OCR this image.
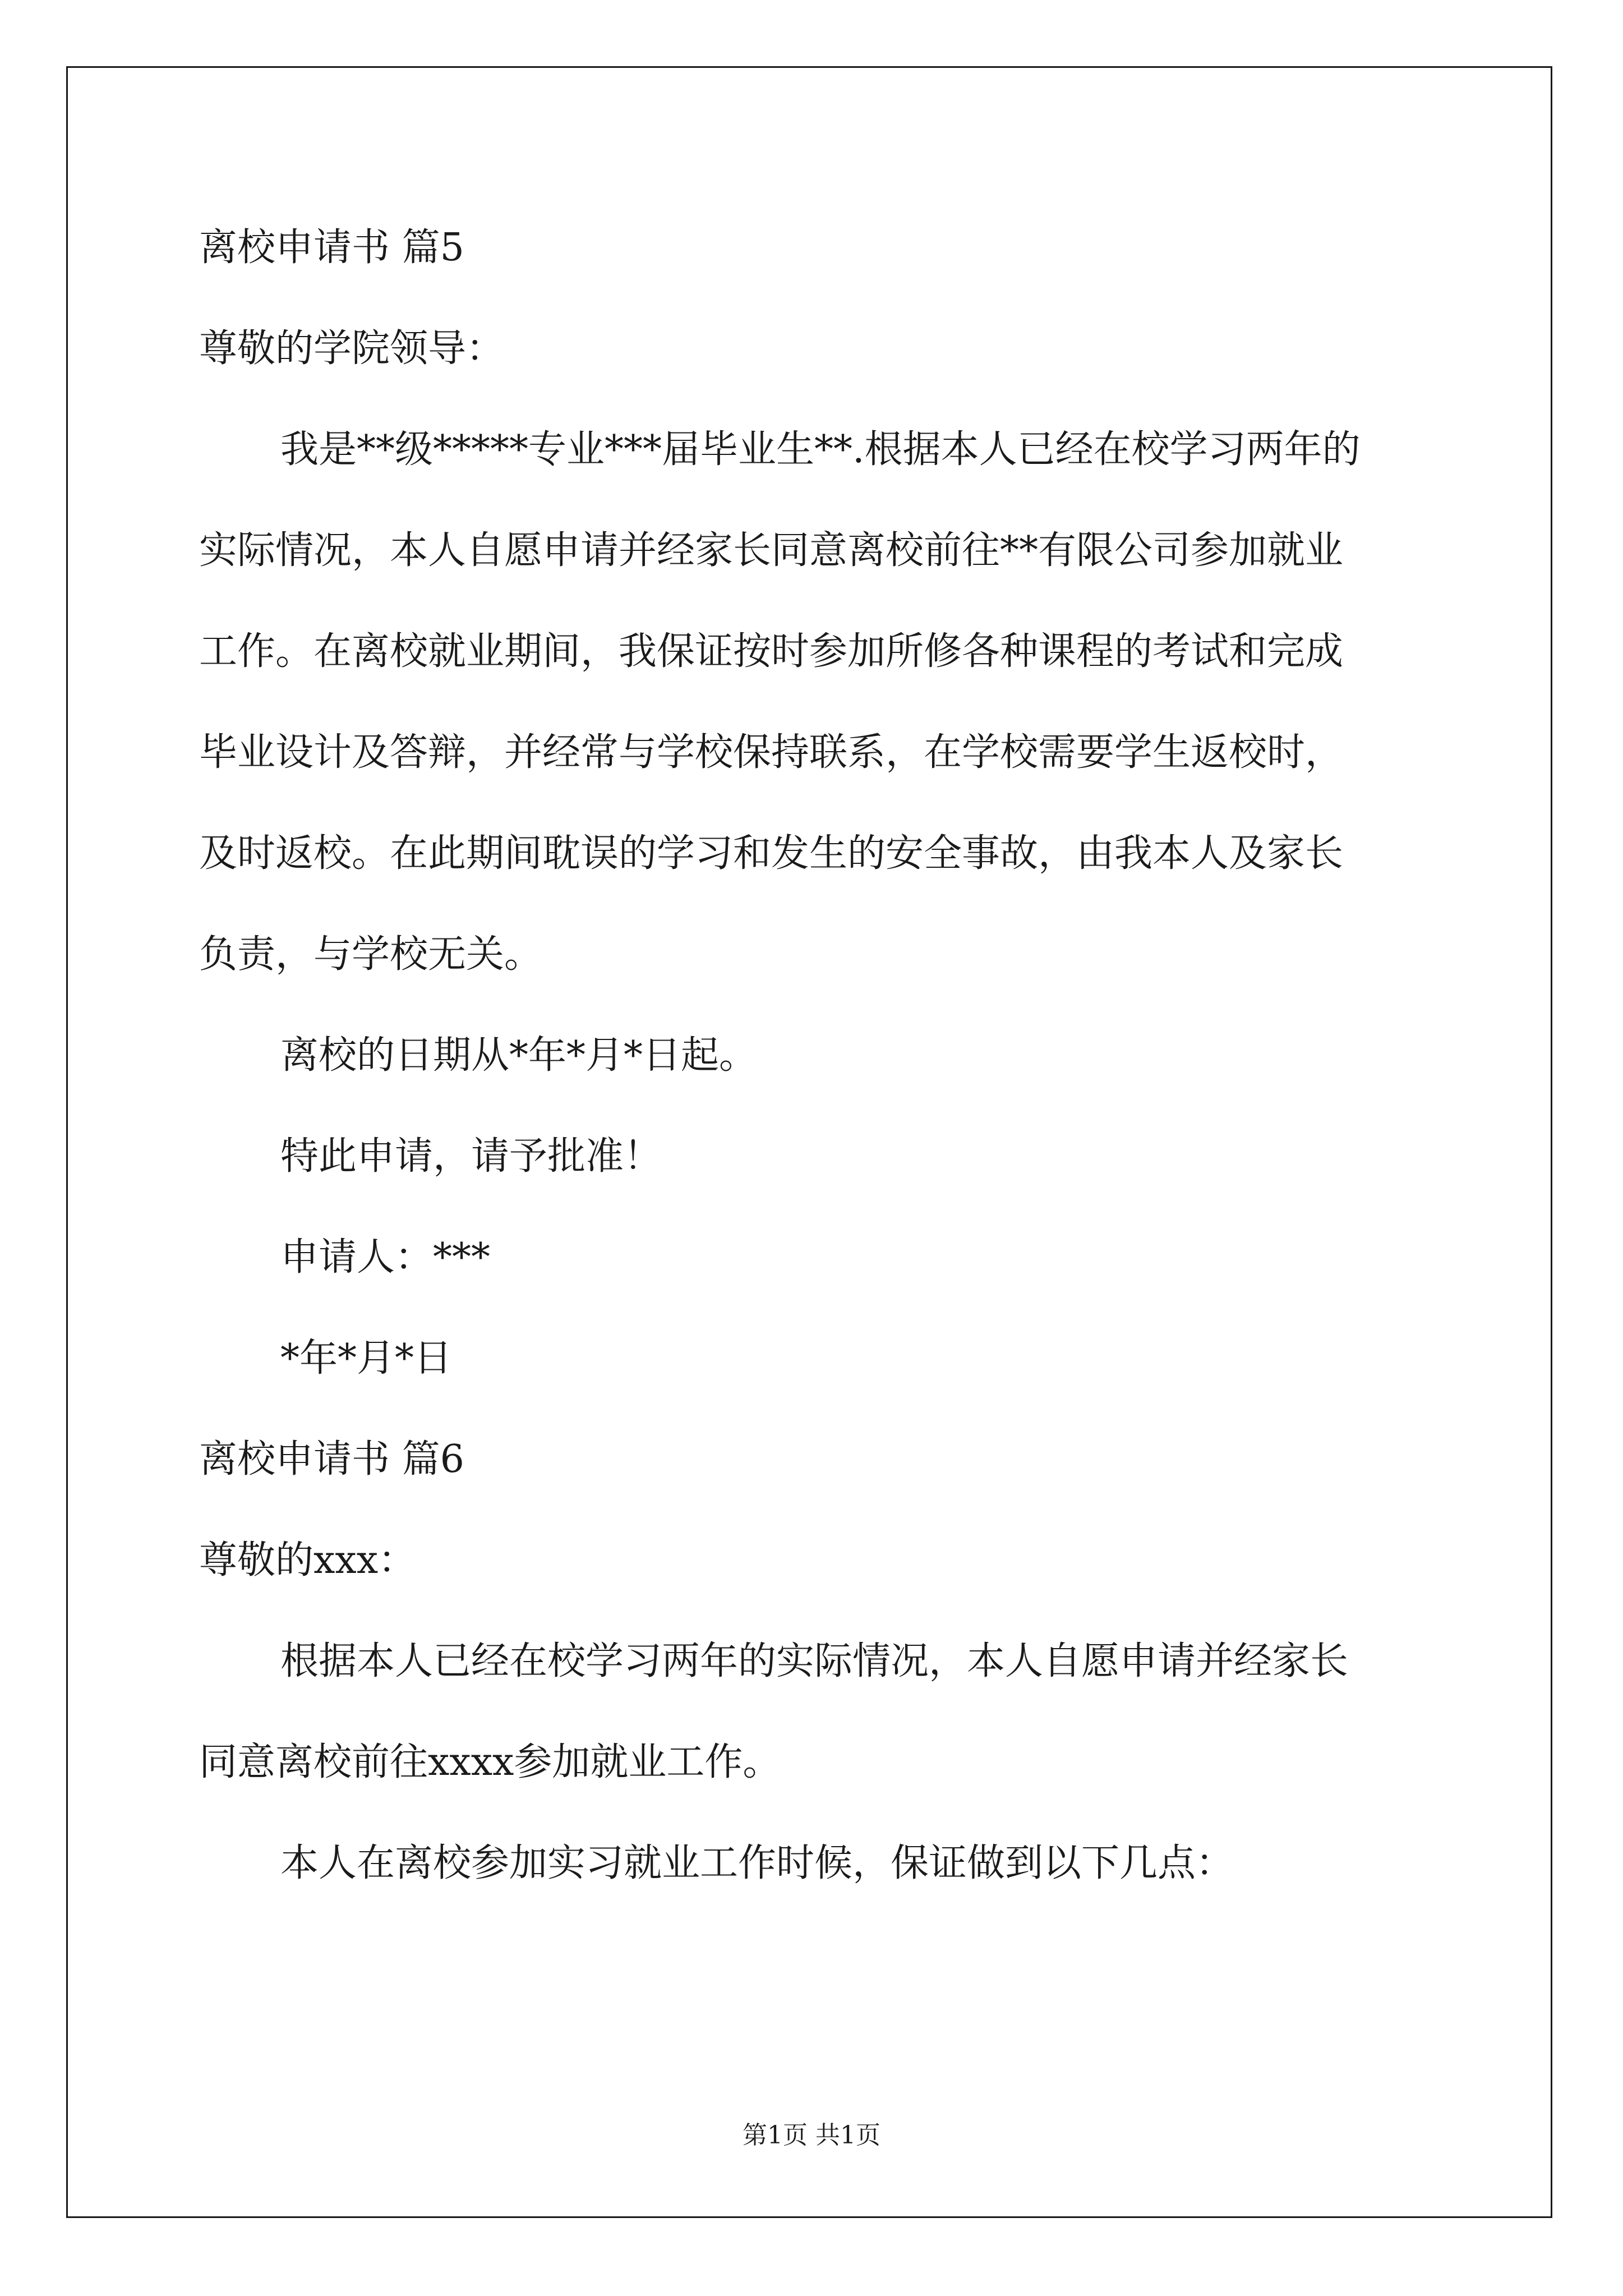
离校申请书 篇5
尊敬的学院领导：
我是**级*****专业***届毕业生**.根据本人已经在校学习两年的
实际情况，本人自愿申请并经家长同意离校前往**有限公司参加就业
工作。在离校就业期间，我保证按时参加所修各种课程的考试和完成
毕业设计及答辩，并经常与学校保持联系，在学校需要学生返校时，
及时返校。在此期间耽误的学习和发生的安全事故，由我本人及家长
负责，与学校无关。
离校的日期从*年*月*日起。
特此申请，请予批准！
申请人：***
*年*月*日
离校申请书 篇6
尊敬的xxx：
根据本人已经在校学习两年的实际情况，本人自愿申请并经家长
同意离校前往xxxx参加就业工作。
本人在离校参加实习就业工作时候，保证做到以下几点：
第1页 共1页
